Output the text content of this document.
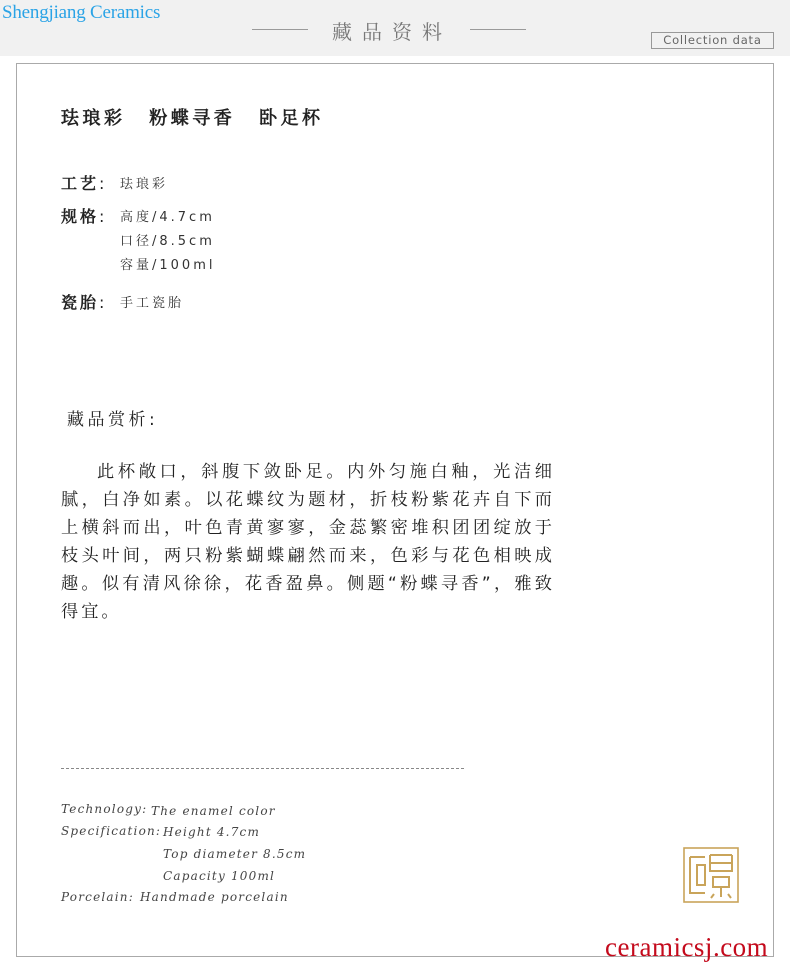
Shengjiang Ceramics
藏品资料	Collection data
珐琅彩 粉蝶寻香 卧足杯
工艺: 珐琅彩
规格: 高度/4.7cm
口径/8.5cm
容量/100ml
瓷胎: 手工瓷胎
藏品赏析:
此杯敞口，斜腹下敛卧足。内外匀施白釉，光洁细腻，白净如素。以花蝶纹为题材，折枝粉紫花卉自下而上横斜而出，叶色青黄寥寥，金蕊繁密堆积团团绽放于枝头叶间，两只粉紫蝴蝶翩然而来，色彩与花色相映成趣。似有清风徐徐，花香盈鼻。侧题“粉蝶寻香”，雅致得宜。
Technology: The enamel color
Specification: Height 4.7cm
Top diameter 8.5cm
Capacity 100ml
Porcelain: Handmade porcelain
ceramicsj.com
